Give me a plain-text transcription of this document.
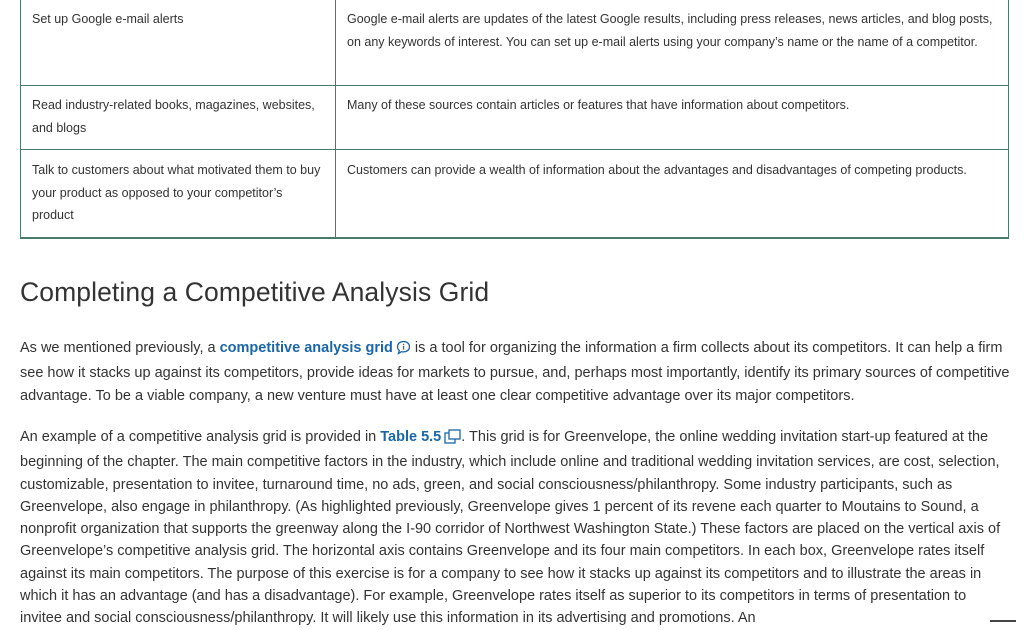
Set up Google e-mail alerts	Google e-mail alerts are updates of the latest Google results, including press releases, news articles, and blog posts, on any keywords of interest. You can set up e-mail alerts using your company’s name or the name of a competitor.
Read industry-related books, magazines, websites, and blogs	Many of these sources contain articles or features that have information about competitors.
Talk to customers about what motivated them to buy your product as opposed to your competitor’s product	Customers can provide a wealth of information about the advantages and disadvantages of competing products.
Completing a Competitive Analysis Grid

As we mentioned previously, a competitive analysis grid is a tool for organizing the information a firm collects about its competitors. It can help a firm see how it stacks up against its competitors, provide ideas for markets to pursue, and, perhaps most importantly, identify its primary sources of competitive advantage. To be a viable company, a new venture must have at least one clear competitive advantage over its major competitors.

An example of a competitive analysis grid is provided in Table 5.5 . This grid is for Greenvelope, the online wedding invitation start-up featured at the beginning of the chapter. The main competitive factors in the industry, which include online and traditional wedding invitation services, are cost, selection, customizable, presentation to invitee, turnaround time, no ads, green, and social consciousness/philanthropy. Some industry participants, such as Greenvelope, also engage in philanthropy. (As highlighted previously, Greenvelope gives 1 percent of its revene each quarter to Moutains to Sound, a nonprofit organization that supports the greenway along the I-90 corridor of Northwest Washington State.) These factors are placed on the vertical axis of Greenvelope’s competitive analysis grid. The horizontal axis contains Greenvelope and its four main competitors. In each box, Greenvelope rates itself against its main competitors. The purpose of this exercise is for a company to see how it stacks up against its competitors and to illustrate the areas in which it has an advantage (and has a disadvantage). For example, Greenvelope rates itself as superior to its competitors in terms of presentation to invitee and social consciousness/philanthropy. It will likely use this information in its advertising and promotions. An
